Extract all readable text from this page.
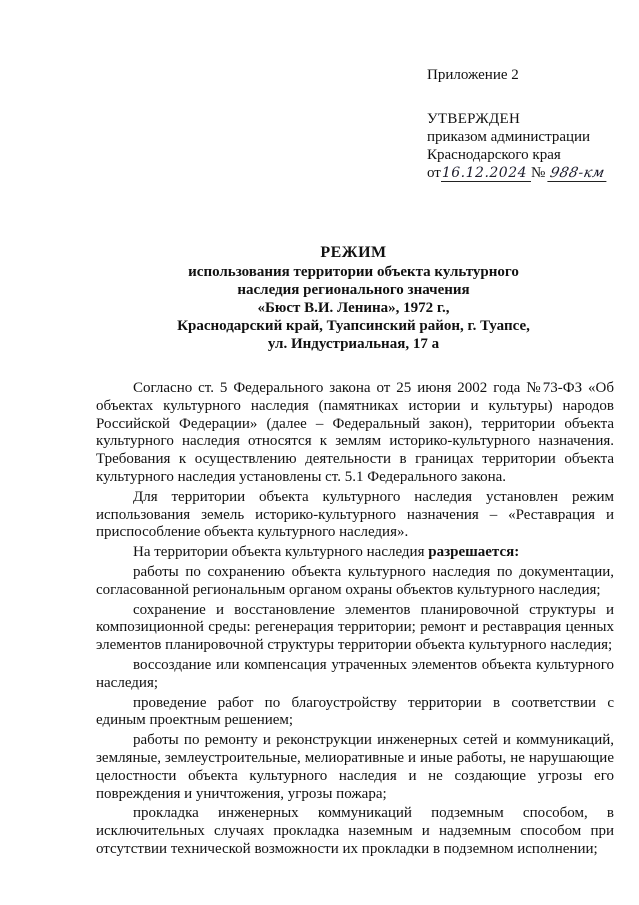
Приложение 2
УТВЕРЖДЕН
приказом администрации
Краснодарского края
от16.12.2024 № 988-км
РЕЖИМ
использования территории объекта культурного
наследия регионального значения
«Бюст В.И. Ленина», 1972 г.,
Краснодарский край, Туапсинский район, г. Туапсе,
ул. Индустриальная, 17 а

Согласно ст. 5 Федерального закона от 25 июня 2002 года №73-ФЗ «Об объектах культурного наследия (памятниках истории и культуры) народов Российской Федерации» (далее – Федеральный закон), территории объекта культурного наследия относятся к землям историко-культурного назначения. Требования к осуществлению деятельности в границах территории объекта культурного наследия установлены ст. 5.1 Федерального закона.

Для территории объекта культурного наследия установлен режим использования земель историко-культурного назначения – «Реставрация и приспособление объекта культурного наследия».

На территории объекта культурного наследия разрешается:

работы по сохранению объекта культурного наследия по документации, согласованной региональным органом охраны объектов культурного наследия;

сохранение и восстановление элементов планировочной структуры и композиционной среды: регенерация территории; ремонт и реставрация ценных элементов планировочной структуры территории объекта культурного наследия;

воссоздание или компенсация утраченных элементов объекта культурного наследия;

проведение работ по благоустройству территории в соответствии с единым проектным решением;

работы по ремонту и реконструкции инженерных сетей и коммуникаций, земляные, землеустроительные, мелиоративные и иные работы, не нарушающие целостности объекта культурного наследия и не создающие угрозы его повреждения и уничтожения, угрозы пожара;

прокладка инженерных коммуникаций подземным способом, в исключительных случаях прокладка наземным и надземным способом при отсутствии технической возможности их прокладки в подземном исполнении;
